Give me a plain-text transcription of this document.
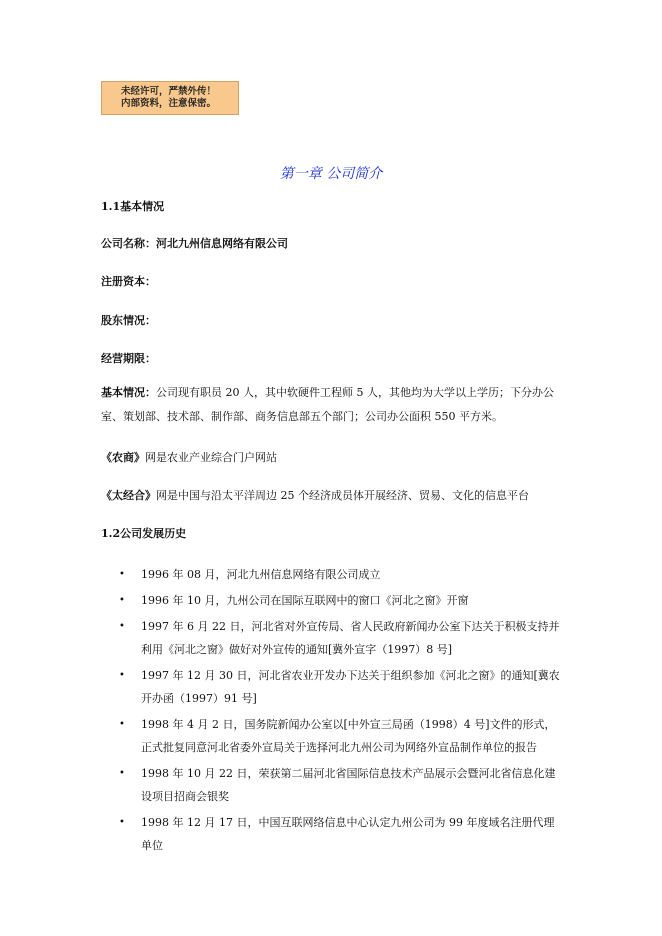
未经许可，严禁外传！
内部资料，注意保密。
第一章 公司简介
1.1基本情况
公司名称：河北九州信息网络有限公司
注册资本：
股东情况：
经营期限：
基本情况：公司现有职员 20 人，其中软硬件工程师 5 人，其他均为大学以上学历；下分办公室、策划部、技术部、制作部、商务信息部五个部门；公司办公面积 550 平方米。
《农商》网是农业产业综合门户网站
《太经合》网是中国与沿太平洋周边 25 个经济成员体开展经济、贸易、文化的信息平台
1.2公司发展历史
• 1996 年 08 月，河北九州信息网络有限公司成立
• 1996 年 10 月，九州公司在国际互联网中的窗口《河北之窗》开窗
• 1997 年 6 月 22 日，河北省对外宣传局、省人民政府新闻办公室下达关于积极支持并利用《河北之窗》做好对外宣传的通知[冀外宣字（1997）8 号]
• 1997 年 12 月 30 日，河北省农业开发办下达关于组织参加《河北之窗》的通知[冀农开办函（1997）91 号]
• 1998 年 4 月 2 日，国务院新闻办公室以[中外宣三局函（1998）4 号]文件的形式，正式批复同意河北省委外宣局关于选择河北九州公司为网络外宣品制作单位的报告
• 1998 年 10 月 22 日，荣获第二届河北省国际信息技术产品展示会暨河北省信息化建设项目招商会银奖
• 1998 年 12 月 17 日，中国互联网络信息中心认定九州公司为 99 年度域名注册代理单位
